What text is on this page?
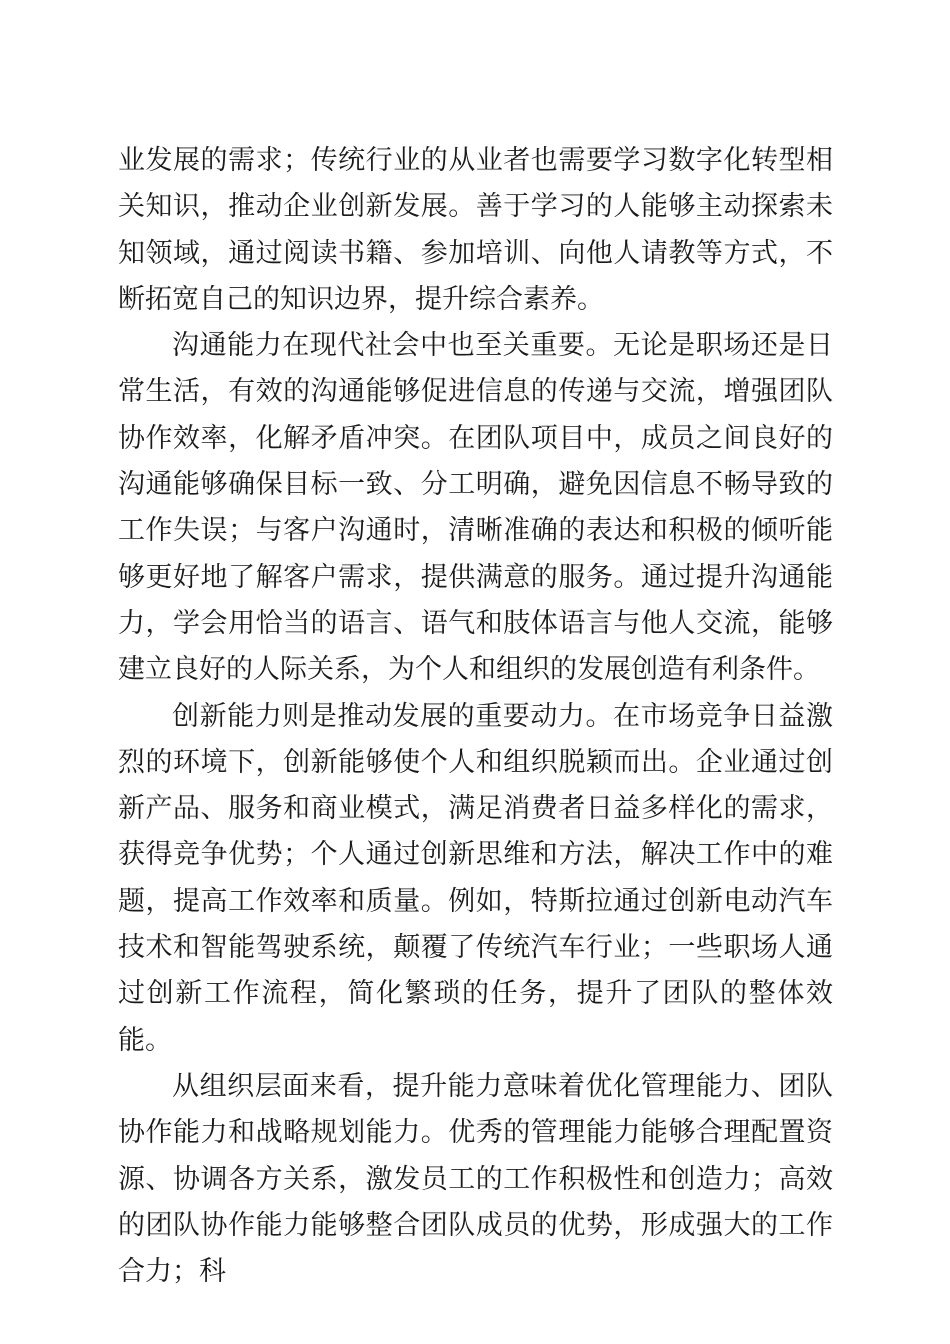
业发展的需求；传统行业的从业者也需要学习数字化转型相关知识，推动企业创新发展。善于学习的人能够主动探索未知领域，通过阅读书籍、参加培训、向他人请教等方式，不断拓宽自己的知识边界，提升综合素养。

沟通能力在现代社会中也至关重要。无论是职场还是日常生活，有效的沟通能够促进信息的传递与交流，增强团队协作效率，化解矛盾冲突。在团队项目中，成员之间良好的沟通能够确保目标一致、分工明确，避免因信息不畅导致的工作失误；与客户沟通时，清晰准确的表达和积极的倾听能够更好地了解客户需求，提供满意的服务。通过提升沟通能力，学会用恰当的语言、语气和肢体语言与他人交流，能够建立良好的人际关系，为个人和组织的发展创造有利条件。

创新能力则是推动发展的重要动力。在市场竞争日益激烈的环境下，创新能够使个人和组织脱颖而出。企业通过创新产品、服务和商业模式，满足消费者日益多样化的需求，获得竞争优势；个人通过创新思维和方法，解决工作中的难题，提高工作效率和质量。例如，特斯拉通过创新电动汽车技术和智能驾驶系统，颠覆了传统汽车行业；一些职场人通过创新工作流程，简化繁琐的任务，提升了团队的整体效能。

从组织层面来看，提升能力意味着优化管理能力、团队协作能力和战略规划能力。优秀的管理能力能够合理配置资源、协调各方关系，激发员工的工作积极性和创造力；高效的团队协作能力能够整合团队成员的优势，形成强大的工作合力；科
